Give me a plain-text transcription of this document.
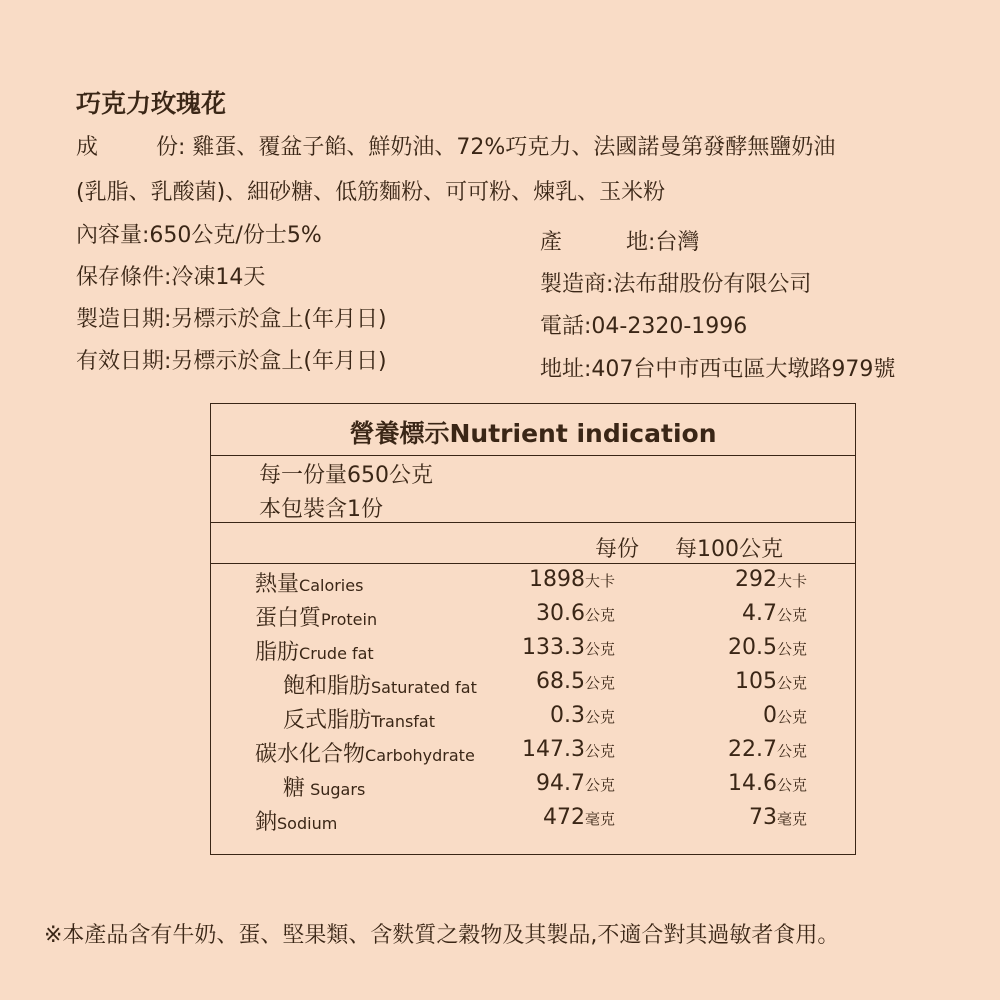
巧克力玫瑰花
成	份: 雞蛋、覆盆子餡、鮮奶油、72%巧克力、法國諾曼第發酵無鹽奶油
(乳脂、乳酸菌)、細砂糖、低筋麵粉、可可粉、煉乳、玉米粉
內容量:650公克/份士5%
保存條件:冷凍14天
製造日期:另標示於盒上(年月日)
有效日期:另標示於盒上(年月日)
產	地:台灣
製造商:法布甜股份有限公司
電話:04-2320-1996
地址:407台中市西屯區大墩路979號
營養標示Nutrient indication
每一份量650公克
本包裝含1份
每份 每100公克
熱量Calories	1898大卡	292大卡
蛋白質Protein	30.6公克	4.7公克
脂肪Crude fat	133.3公克	20.5公克
飽和脂肪Saturated fat	68.5公克	105公克
反式脂肪Transfat	0.3公克	0公克
碳水化合物Carbohydrate 147.3公克	22.7公克
糖 Sugars	94.7公克	14.6公克
鈉Sodium	472毫克	73毫克
※本產品含有牛奶、蛋、堅果類、含麩質之穀物及其製品,不適合對其過敏者食用。
